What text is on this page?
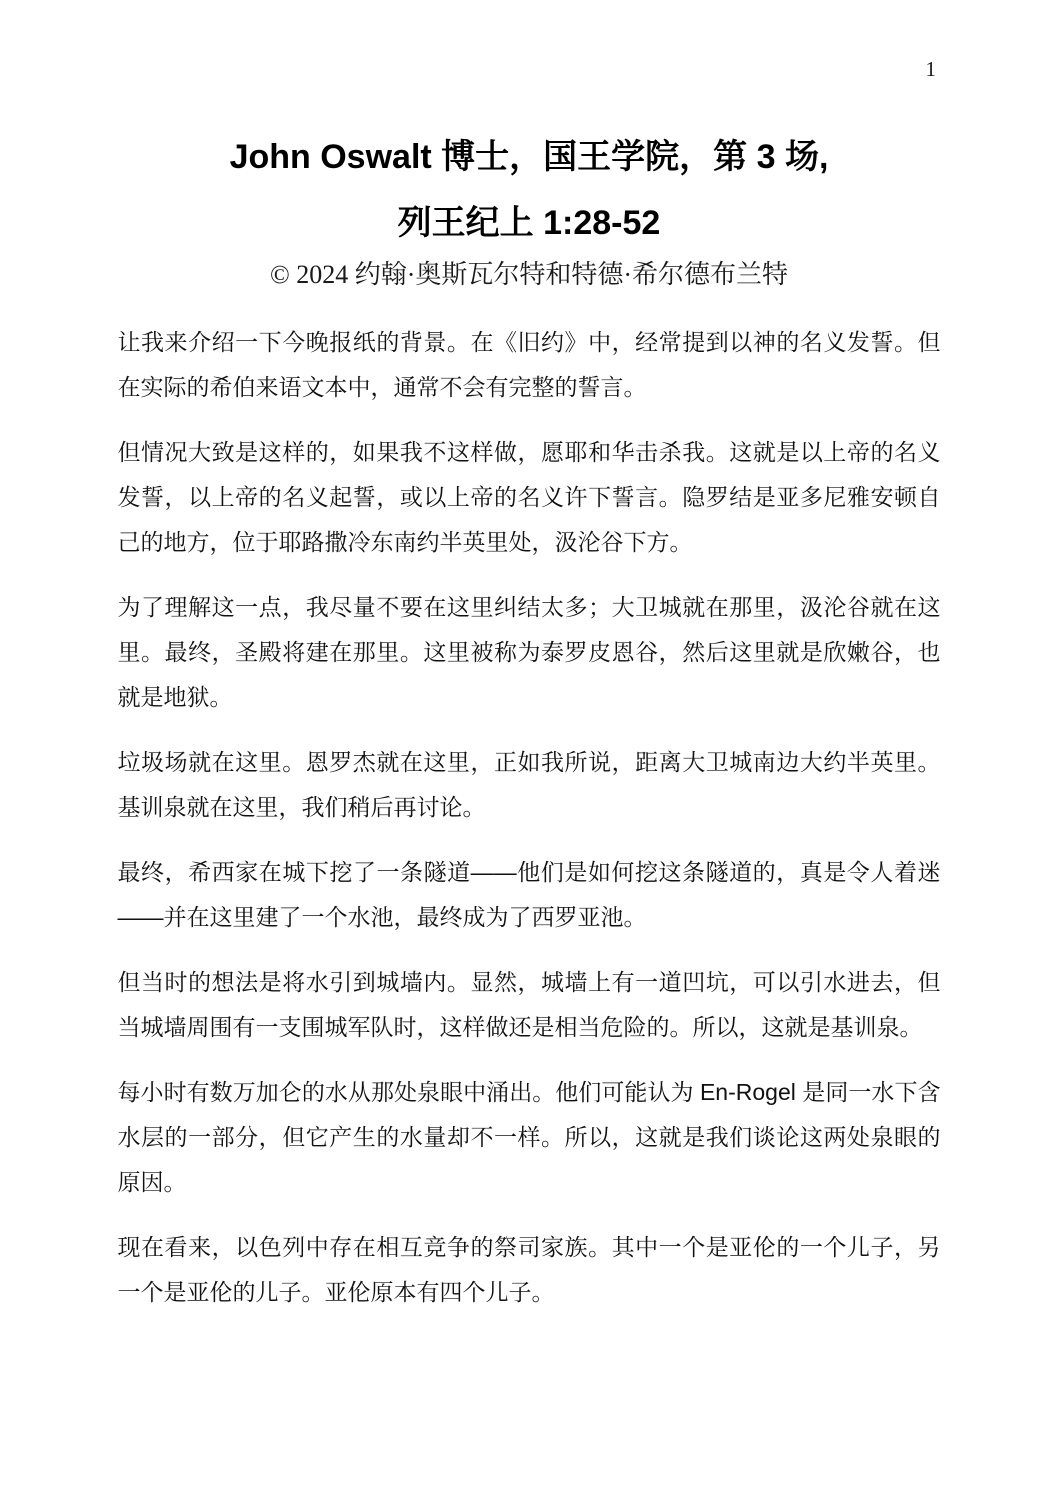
1
John Oswalt 博士，国王学院，第 3 场,
列王纪上 1:28-52
© 2024 约翰·奥斯瓦尔特和特德·希尔德布兰特

让我来介绍一下今晚报纸的背景。在《旧约》中，经常提到以神的名义发誓。但在实际的希伯来语文本中，通常不会有完整的誓言。

但情况大致是这样的，如果我不这样做，愿耶和华击杀我。这就是以上帝的名义发誓，以上帝的名义起誓，或以上帝的名义许下誓言。隐罗结是亚多尼雅安顿自己的地方，位于耶路撒冷东南约半英里处，汲沦谷下方。

为了理解这一点，我尽量不要在这里纠结太多；大卫城就在那里，汲沦谷就在这里。最终，圣殿将建在那里。这里被称为泰罗皮恩谷，然后这里就是欣嫩谷，也就是地狱。

垃圾场就在这里。恩罗杰就在这里，正如我所说，距离大卫城南边大约半英里。基训泉就在这里，我们稍后再讨论。

最终，希西家在城下挖了一条隧道——他们是如何挖这条隧道的，真是令人着迷——并在这里建了一个水池，最终成为了西罗亚池。

但当时的想法是将水引到城墙内。显然，城墙上有一道凹坑，可以引水进去，但当城墙周围有一支围城军队时，这样做还是相当危险的。所以，这就是基训泉。

每小时有数万加仑的水从那处泉眼中涌出。他们可能认为 En-Rogel 是同一水下含水层的一部分，但它产生的水量却不一样。所以，这就是我们谈论这两处泉眼的原因。

现在看来，以色列中存在相互竞争的祭司家族。其中一个是亚伦的一个儿子，另一个是亚伦的儿子。亚伦原本有四个儿子。
